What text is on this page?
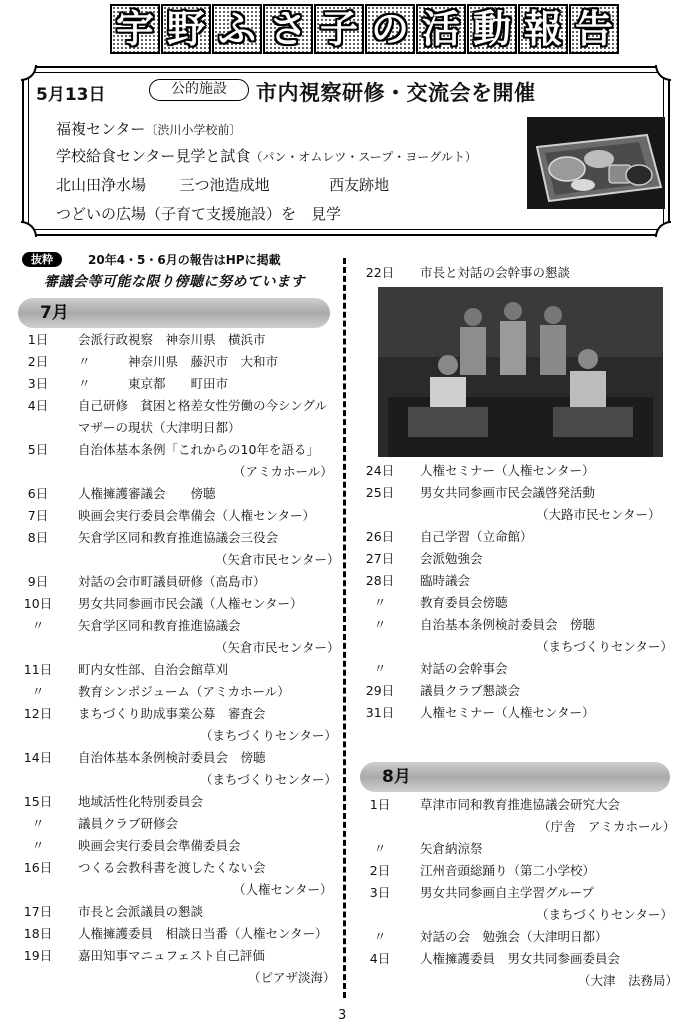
宇 野 ふ さ 子 の 活 動 報 告
5月13日	公的施設	市内視察研修・交流会を開催
福複センター〔渋川小学校前〕
学校給食センター見学と試食（パン・オムレツ・スープ・ヨーグルト）
北山田浄水場 三つ池造成地	西友跡地
つどいの広場（子育て支援施設）を　見学
抜粋	20年4・5・6月の報告はHPに掲載
審議会等可能な限り傍聴に努めています
7月
8月
1日	会派行政視察　神奈川県　横浜市
2日	〃　　　神奈川県　藤沢市　大和市
3日	〃　　　東京都　　町田市
4日	自己研修　貧困と格差女性労働の今シングル
マザーの現状（大津明日都）
5日	自治体基本条例「これからの10年を語る」
（アミカホール）
6日	人権擁護審議会　　傍聴
7日	映画会実行委員会準備会（人権センター）
8日	矢倉学区同和教育推進協議会三役会
（矢倉市民センター）
9日	対話の会市町議員研修（高島市）
10日	男女共同参画市民会議（人権センター）
〃	矢倉学区同和教育推進協議会
（矢倉市民センター）
11日	町内女性部、自治会館草刈
〃	教育シンポジューム（アミカホール）
12日	まちづくり助成事業公募　審査会
（まちづくりセンター）
14日	自治体基本条例検討委員会　傍聴
（まちづくりセンター）
15日	地域活性化特別委員会
〃	議員クラブ研修会
〃	映画会実行委員会準備委員会
16日	つくる会教科書を渡したくない会
（人権センター）
17日	市長と会派議員の懇談
18日	人権擁護委員　相談日当番（人権センター）
19日	嘉田知事マニュフェスト自己評価
（ピアザ淡海）
22日	市長と対話の会幹事の懇談
24日	人権セミナー（人権センター）
25日	男女共同参画市民会議啓発活動
（大路市民センター）
26日	自己学習（立命館）
27日	会派勉強会
28日	臨時議会
〃	教育委員会傍聴
〃	自治基本条例検討委員会　傍聴
（まちづくりセンター）
〃	対話の会幹事会
29日	議員クラブ懇談会
31日	人権セミナー（人権センター）
1日	草津市同和教育推進協議会研究大会
（庁舎　アミカホール）
〃	矢倉納涼祭
2日	江州音頭総踊り（第二小学校）
3日	男女共同参画自主学習グループ
（まちづくりセンター）
〃	対話の会　勉強会（大津明日都）
4日	人権擁護委員　男女共同参画委員会
（大津　法務局）
3
